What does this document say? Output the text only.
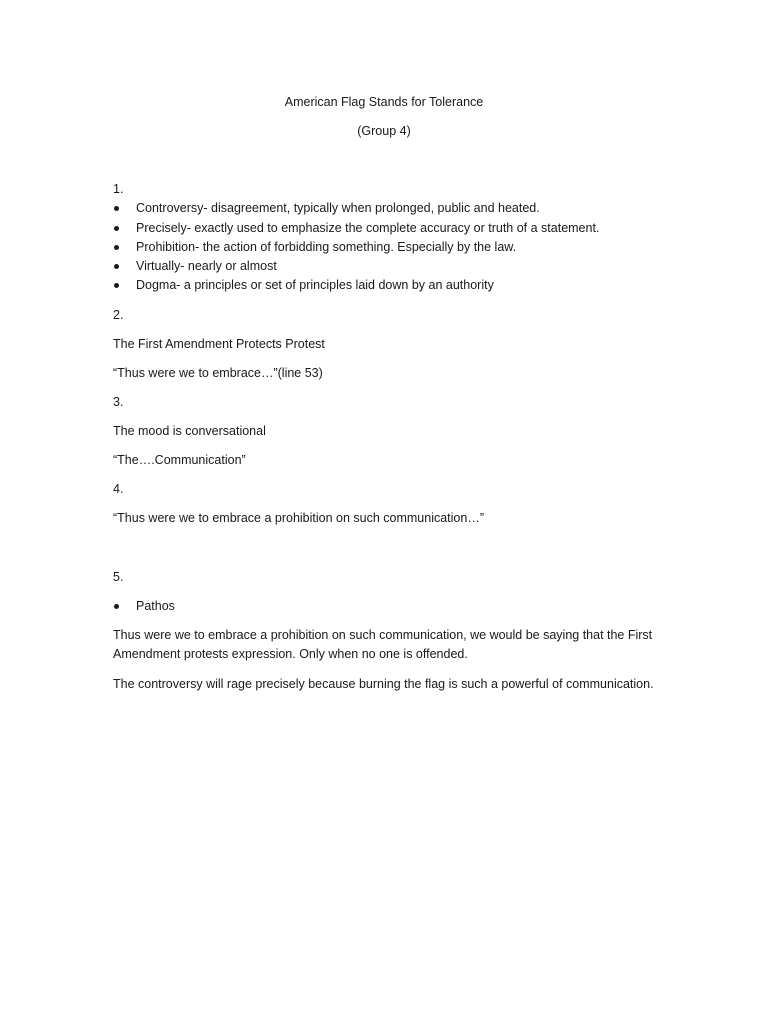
American Flag Stands for Tolerance
(Group 4)
1.
Controversy- disagreement, typically when prolonged, public and heated.
Precisely- exactly used to emphasize the complete accuracy or truth of a statement.
Prohibition- the action of forbidding something. Especially by the law.
Virtually- nearly or almost
Dogma- a principles or set of principles laid down by an authority
2.
The First Amendment Protects Protest
“Thus were we to embrace…”(line 53)
3.
The mood is conversational
“The….Communication”
4.
“Thus were we to embrace a prohibition on such communication…”
5.
Pathos
Thus were we to embrace a prohibition on such communication, we would be saying that the First
Amendment protests expression. Only when no one is offended.
The controversy will rage precisely because burning the flag is such a powerful of communication.
